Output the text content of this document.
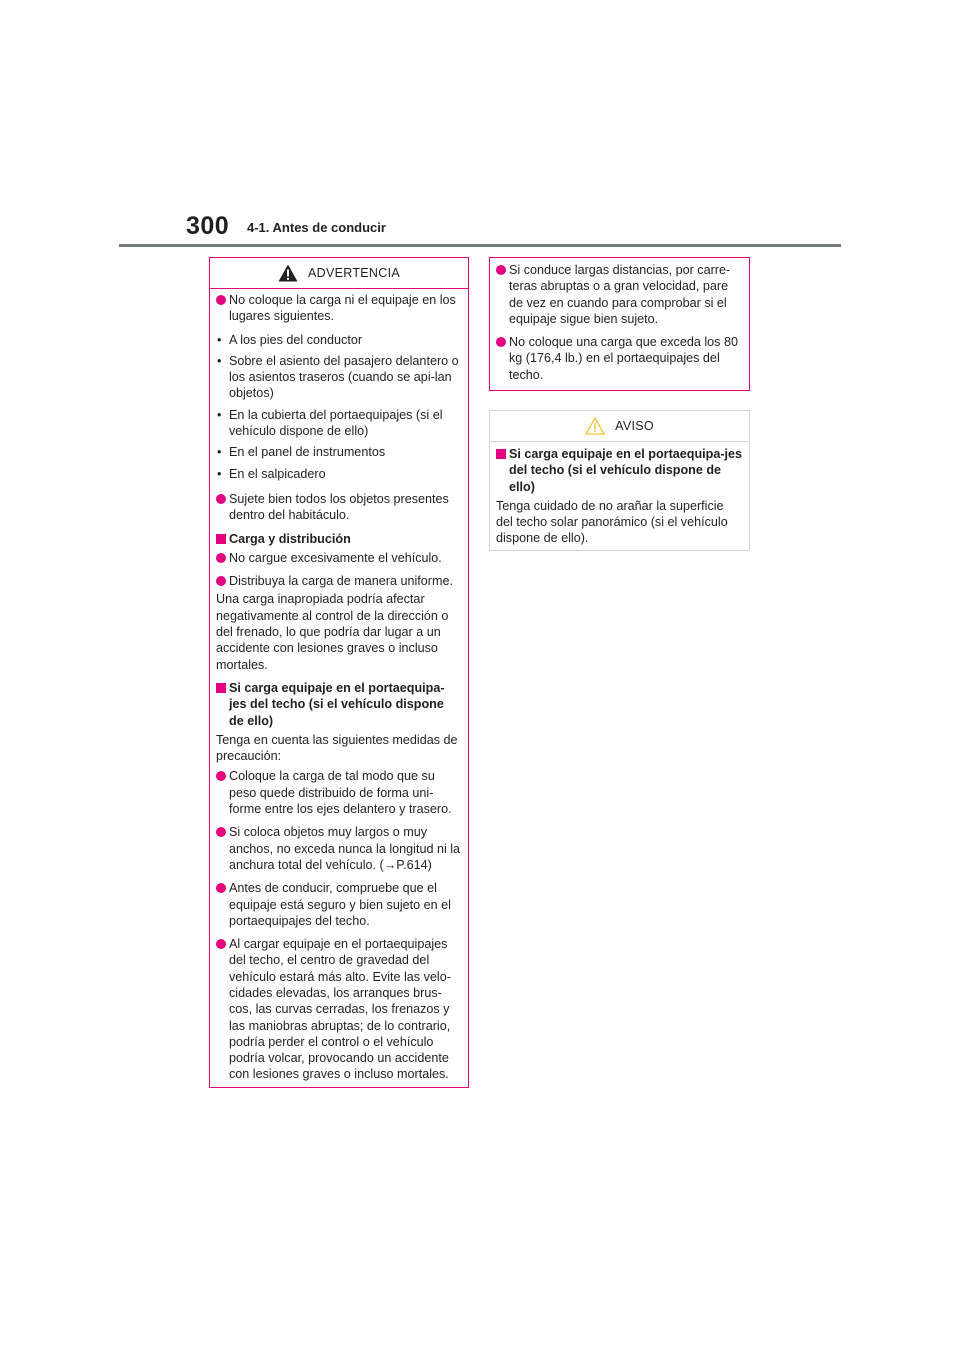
300 4-1. Antes de conducir
ADVERTENCIA
No coloque la carga ni el equipaje en los lugares siguientes.
• A los pies del conductor
• Sobre el asiento del pasajero delantero o los asientos traseros (cuando se api-lan objetos)
• En la cubierta del portaequipajes (si el vehículo dispone de ello)
• En el panel de instrumentos
• En el salpicadero
Sujete bien todos los objetos presentes dentro del habitáculo.
Carga y distribución
No cargue excesivamente el vehículo.
Distribuya la carga de manera uniforme.
Una carga inapropiada podría afectar negativamente al control de la dirección o del frenado, lo que podría dar lugar a un accidente con lesiones graves o incluso mortales.
Si carga equipaje en el portaequipa-jes del techo (si el vehículo dispone de ello)
Tenga en cuenta las siguientes medidas de precaución:
Coloque la carga de tal modo que su peso quede distribuido de forma uni-forme entre los ejes delantero y trasero.
Si coloca objetos muy largos o muy anchos, no exceda nunca la longitud ni la anchura total del vehículo. (→P.614)
Antes de conducir, compruebe que el equipaje está seguro y bien sujeto en el portaequipajes del techo.
Al cargar equipaje en el portaequipajes del techo, el centro de gravedad del vehículo estará más alto. Evite las velo-cidades elevadas, los arranques brus-cos, las curvas cerradas, los frenazos y las maniobras abruptas; de lo contrario, podría perder el control o el vehículo podría volcar, provocando un accidente con lesiones graves o incluso mortales.
Si conduce largas distancias, por carre-teras abruptas o a gran velocidad, pare de vez en cuando para comprobar si el equipaje sigue bien sujeto.
No coloque una carga que exceda los 80 kg (176,4 lb.) en el portaequipajes del techo.
AVISO
Si carga equipaje en el portaequipa-jes del techo (si el vehículo dispone de ello)
Tenga cuidado de no arañar la superficie del techo solar panorámico (si el vehículo dispone de ello).
